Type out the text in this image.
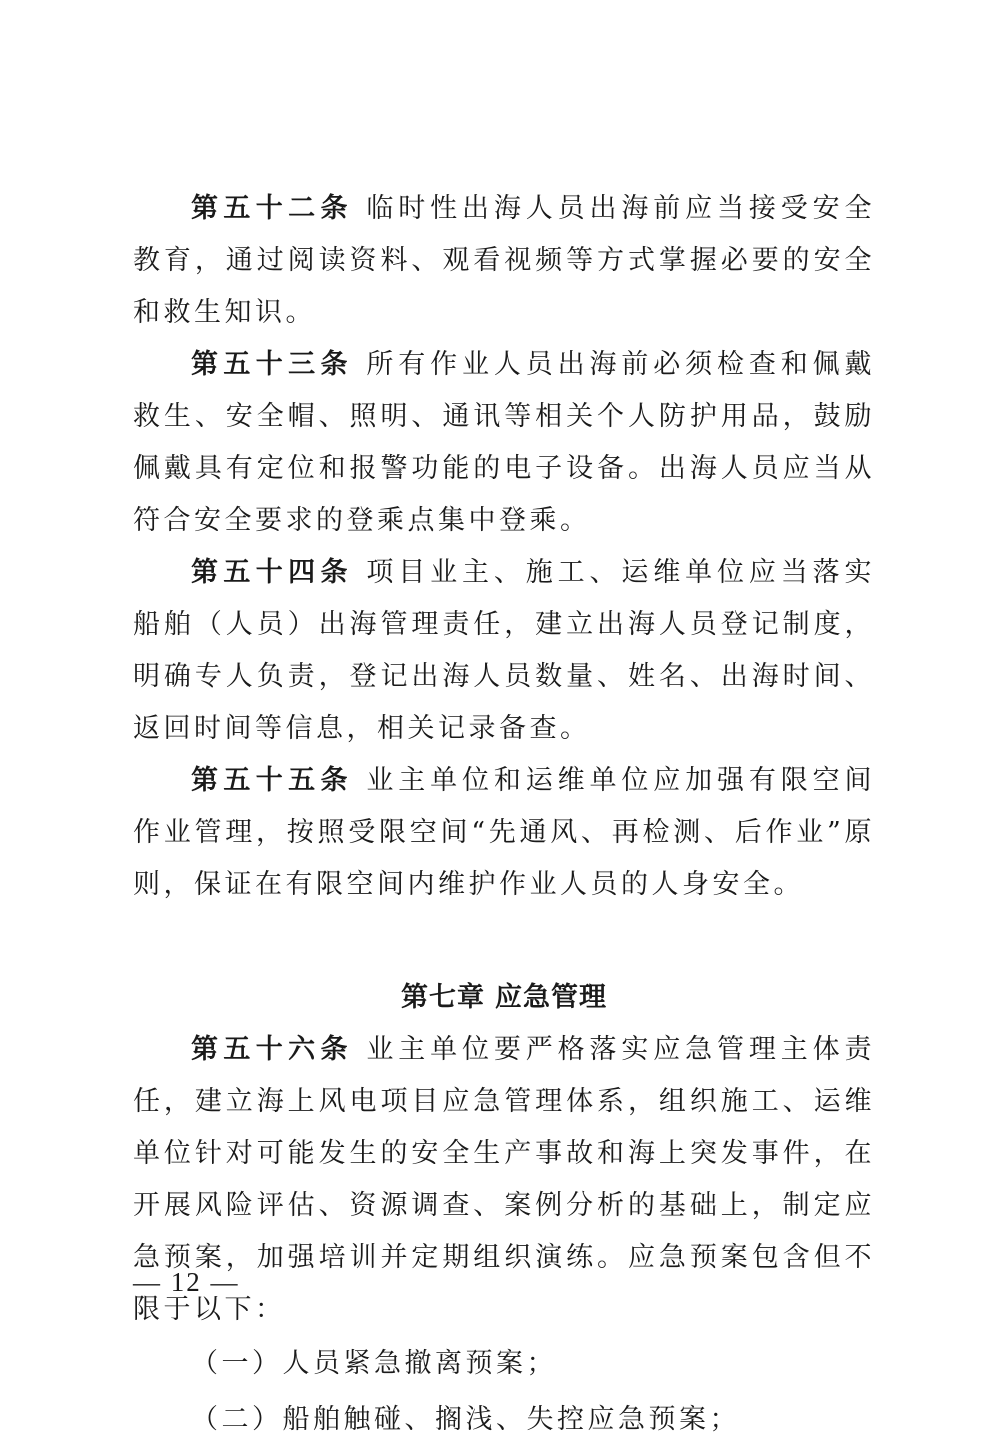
第五十二条 临时性出海人员出海前应当接受安全教育，通过阅读资料、观看视频等方式掌握必要的安全和救生知识。

第五十三条 所有作业人员出海前必须检查和佩戴救生、安全帽、照明、通讯等相关个人防护用品，鼓励佩戴具有定位和报警功能的电子设备。出海人员应当从符合安全要求的登乘点集中登乘。

第五十四条 项目业主、施工、运维单位应当落实船舶（人员）出海管理责任，建立出海人员登记制度，明确专人负责，登记出海人员数量、姓名、出海时间、返回时间等信息，相关记录备查。

第五十五条 业主单位和运维单位应加强有限空间作业管理，按照受限空间“先通风、再检测、后作业”原则，保证在有限空间内维护作业人员的人身安全。

第七章 应急管理

第五十六条 业主单位要严格落实应急管理主体责任，建立海上风电项目应急管理体系，组织施工、运维单位针对可能发生的安全生产事故和海上突发事件，在开展风险评估、资源调查、案例分析的基础上，制定应急预案，加强培训并定期组织演练。应急预案包含但不限于以下：

（一）人员紧急撤离预案；

（二）船舶触碰、搁浅、失控应急预案；

— 12 —
